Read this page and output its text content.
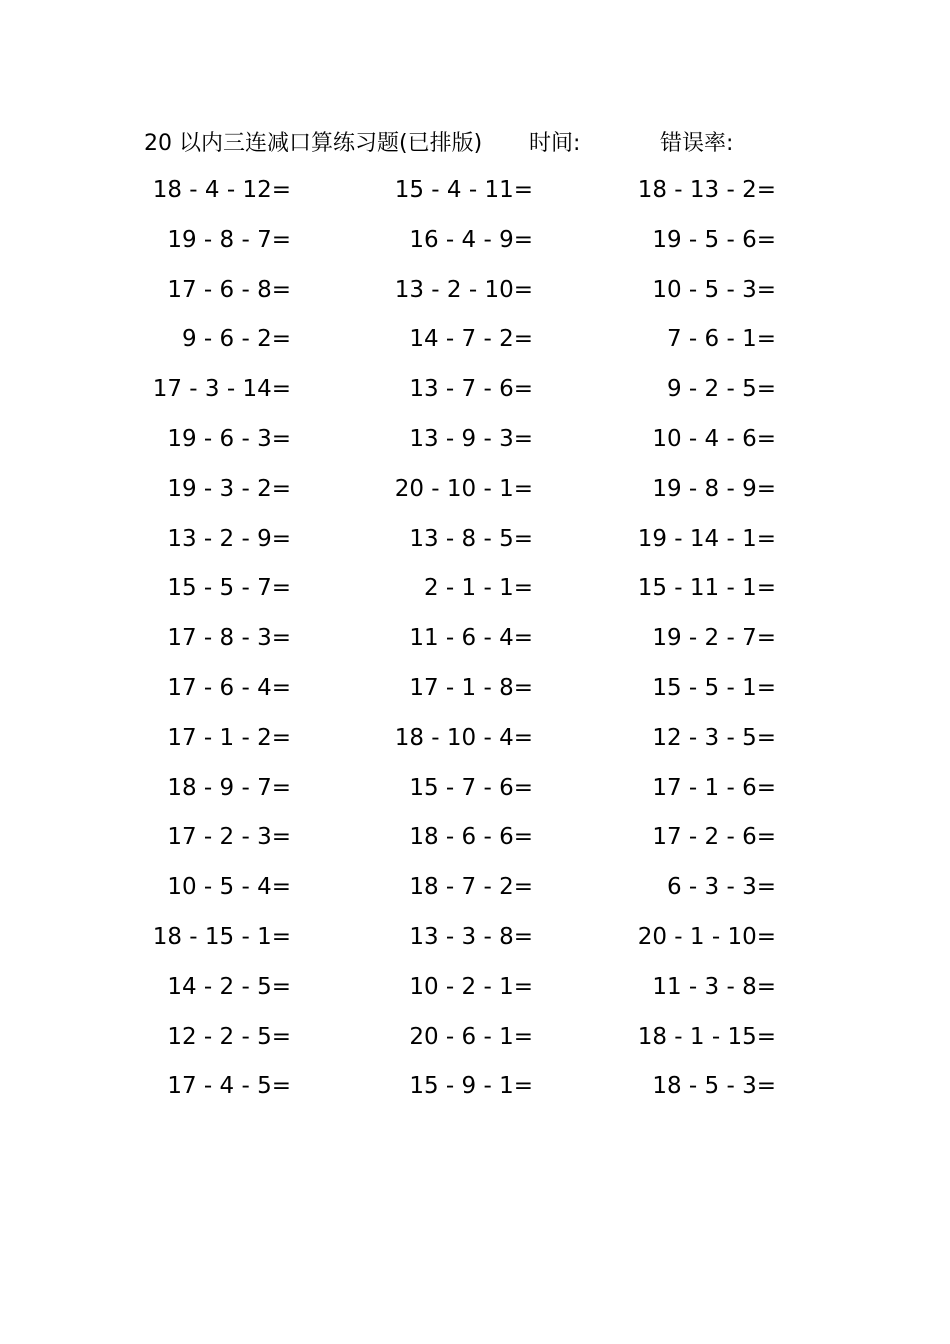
20 以内三连减口算练习题(已排版) 时间:	错误率:
18 - 4 - 12=	15 - 4 - 11=	18 - 13 - 2=
19 - 8 - 7=	16 - 4 - 9=	19 - 5 - 6=
17 - 6 - 8=	13 - 2 - 10=	10 - 5 - 3=
9 - 6 - 2=	14 - 7 - 2=	7 - 6 - 1=
17 - 3 - 14=	13 - 7 - 6=	9 - 2 - 5=
19 - 6 - 3=	13 - 9 - 3=	10 - 4 - 6=
19 - 3 - 2=	20 - 10 - 1=	19 - 8 - 9=
13 - 2 - 9=	13 - 8 - 5=	19 - 14 - 1=
15 - 5 - 7=	2 - 1 - 1=	15 - 11 - 1=
17 - 8 - 3=	11 - 6 - 4=	19 - 2 - 7=
17 - 6 - 4=	17 - 1 - 8=	15 - 5 - 1=
17 - 1 - 2=	18 - 10 - 4=	12 - 3 - 5=
18 - 9 - 7=	15 - 7 - 6=	17 - 1 - 6=
17 - 2 - 3=	18 - 6 - 6=	17 - 2 - 6=
10 - 5 - 4=	18 - 7 - 2=	6 - 3 - 3=
18 - 15 - 1=	13 - 3 - 8=	20 - 1 - 10=
14 - 2 - 5=	10 - 2 - 1=	11 - 3 - 8=
12 - 2 - 5=	20 - 6 - 1=	18 - 1 - 15=
17 - 4 - 5=	15 - 9 - 1=	18 - 5 - 3=
